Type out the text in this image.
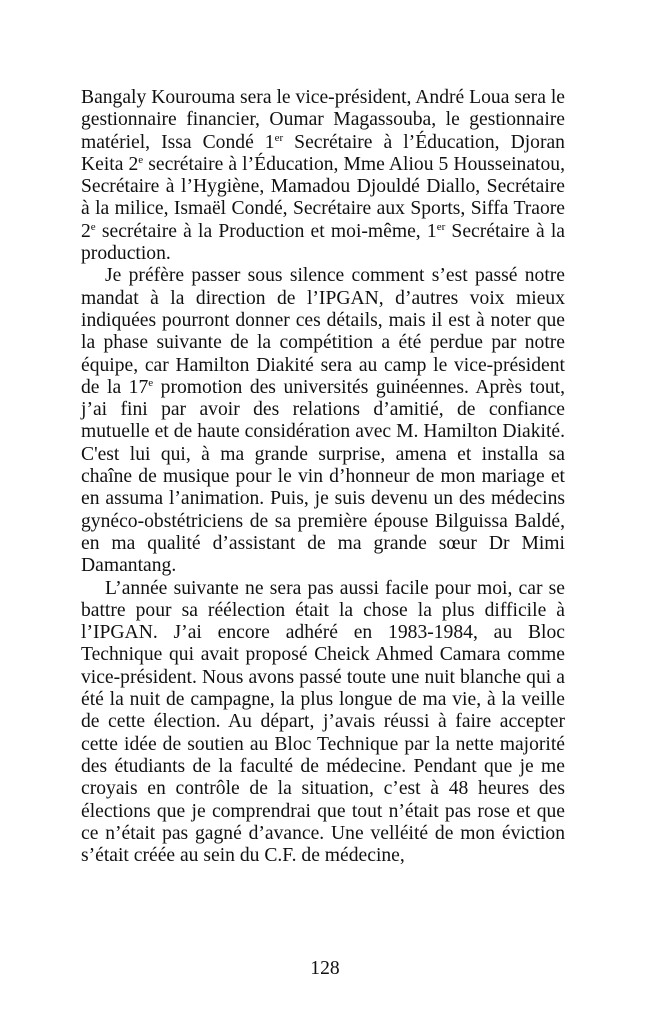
Bangaly Kourouma sera le vice-président, André Loua sera le gestionnaire financier, Oumar Magassouba, le gestionnaire matériel, Issa Condé 1er Secrétaire à l’Éducation, Djoran Keita 2e secrétaire à l’Éducation, Mme Aliou 5 Housseinatou, Secrétaire à l’Hygiène, Mamadou Djouldé Diallo, Secrétaire à la milice, Ismaël Condé, Secrétaire aux Sports, Siffa Traore 2e secrétaire à la Production et moi-même, 1er Secrétaire à la production.

Je préfère passer sous silence comment s’est passé notre mandat à la direction de l’IPGAN, d’autres voix mieux indiquées pourront donner ces détails, mais il est à noter que la phase suivante de la compétition a été perdue par notre équipe, car Hamilton Diakité sera au camp le vice-président de la 17e promotion des universités guinéennes. Après tout, j’ai fini par avoir des relations d’amitié, de confiance mutuelle et de haute considération avec M. Hamilton Diakité. C'est lui qui, à ma grande surprise, amena et installa sa chaîne de musique pour le vin d’honneur de mon mariage et en assuma l’animation. Puis, je suis devenu un des médecins gynéco-obstétriciens de sa première épouse Bilguissa Baldé, en ma qualité d’assistant de ma grande sœur Dr Mimi Damantang.

L’année suivante ne sera pas aussi facile pour moi, car se battre pour sa réélection était la chose la plus difficile à l’IPGAN. J’ai encore adhéré en 1983-1984, au Bloc Technique qui avait proposé Cheick Ahmed Camara comme vice-président. Nous avons passé toute une nuit blanche qui a été la nuit de campagne, la plus longue de ma vie, à la veille de cette élection. Au départ, j’avais réussi à faire accepter cette idée de soutien au Bloc Technique par la nette majorité des étudiants de la faculté de médecine. Pendant que je me croyais en contrôle de la situation, c’est à 48 heures des élections que je comprendrai que tout n’était pas rose et que ce n’était pas gagné d’avance. Une velléité de mon éviction s’était créée au sein du C.F. de médecine,

128
